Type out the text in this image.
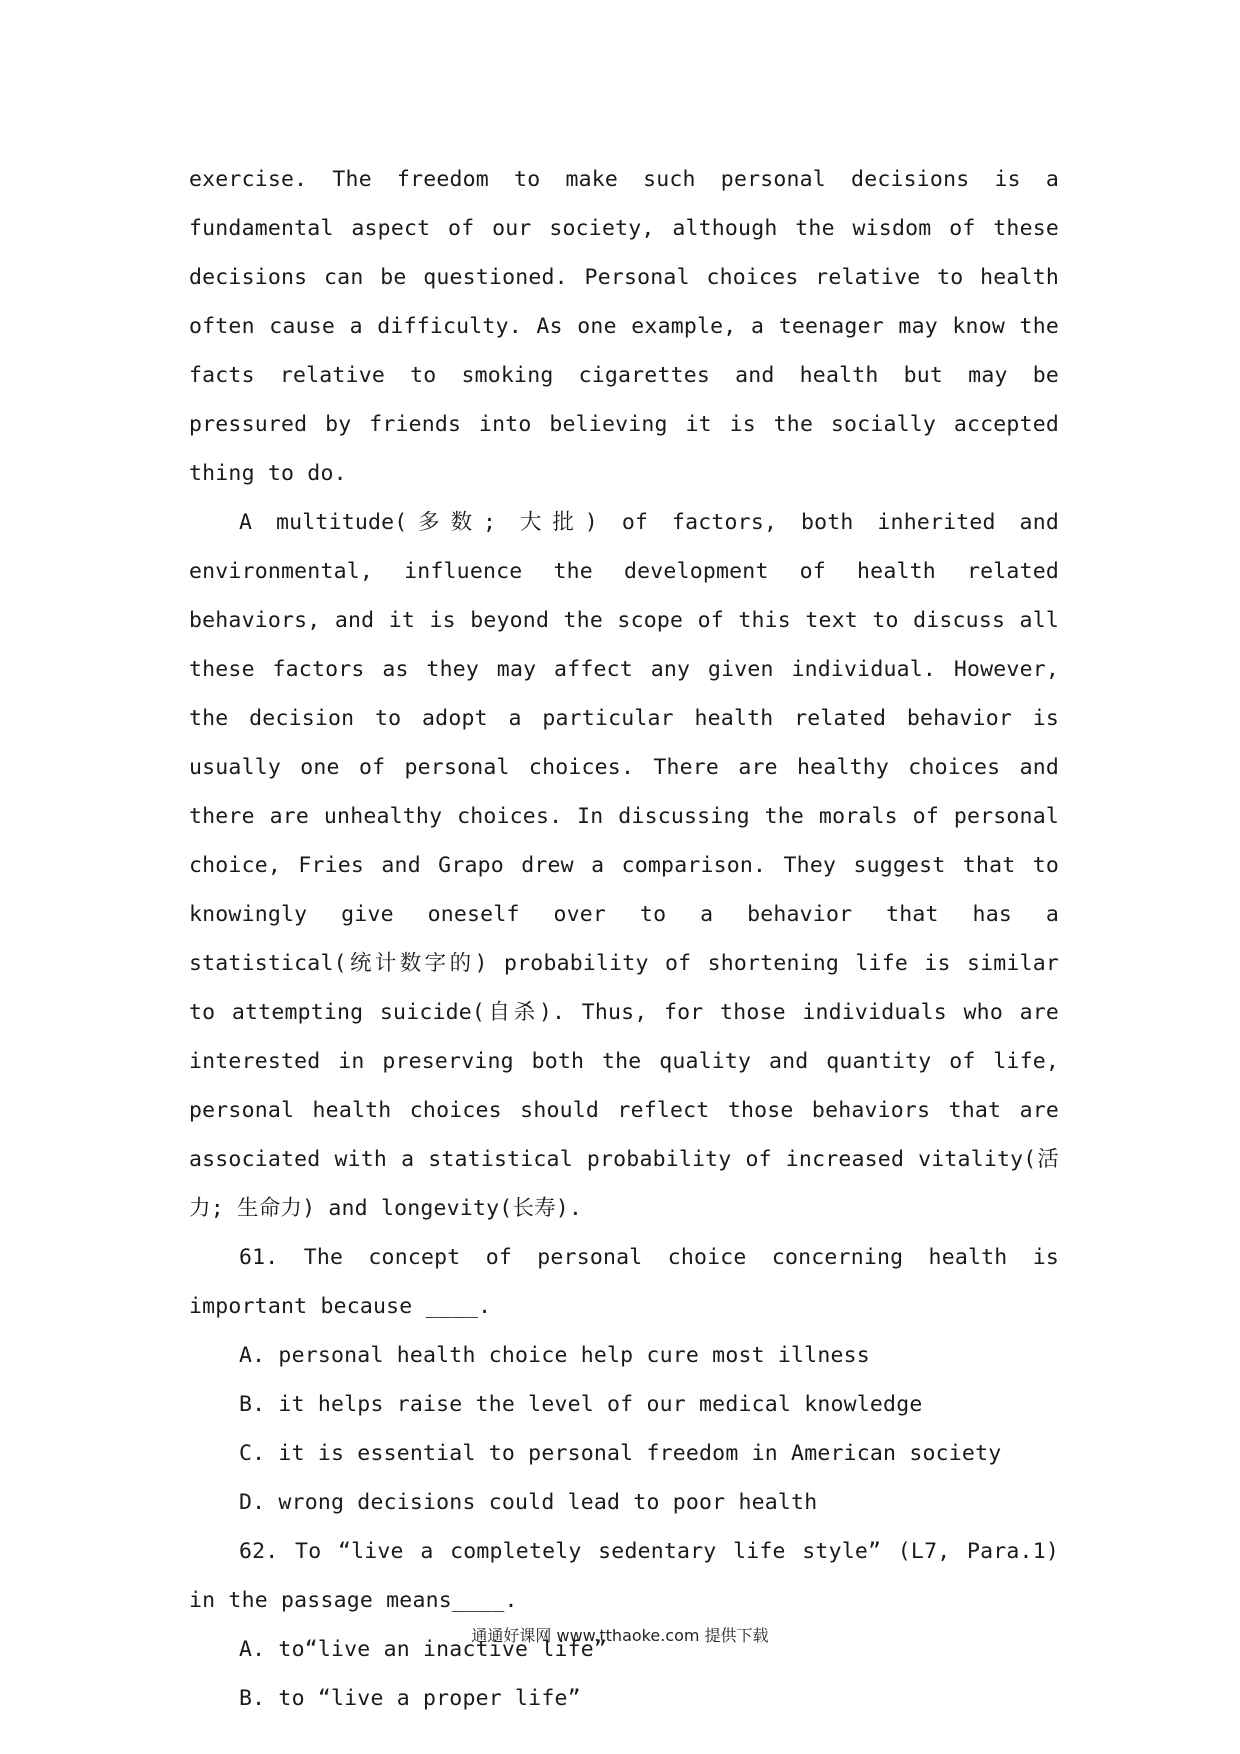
exercise. The freedom to make such personal decisions is a fundamental aspect of our society, although the wisdom of these decisions can be questioned. Personal choices relative to health often cause a difficulty. As one example, a teenager may know the facts relative to smoking cigarettes and health but may be pressured by friends into believing it is the socially accepted thing to do.

A multitude(多数; 大批) of factors, both inherited and environmental, influence the development of health related behaviors, and it is beyond the scope of this text to discuss all these factors as they may affect any given individual. However, the decision to adopt a particular health related behavior is usually one of personal choices. There are healthy choices and there are unhealthy choices. In discussing the morals of personal choice, Fries and Grapo drew a comparison. They suggest that to knowingly give oneself over to a behavior that has a statistical(统计数字的) probability of shortening life is similar to attempting suicide(自杀). Thus, for those individuals who are interested in preserving both the quality and quantity of life, personal health choices should reflect those behaviors that are associated with a statistical probability of increased vitality(活力; 生命力) and longevity(长寿).

61. The concept of personal choice concerning health is important because ____.

A. personal health choice help cure most illness

B. it helps raise the level of our medical knowledge

C. it is essential to personal freedom in American society

D. wrong decisions could lead to poor health

62. To “live a completely sedentary life style” (L7, Para.1) in the passage means____.

A. to“live an inactive life”

B. to “live a proper life”

通通好课网 www.tthaoke.com 提供下载
